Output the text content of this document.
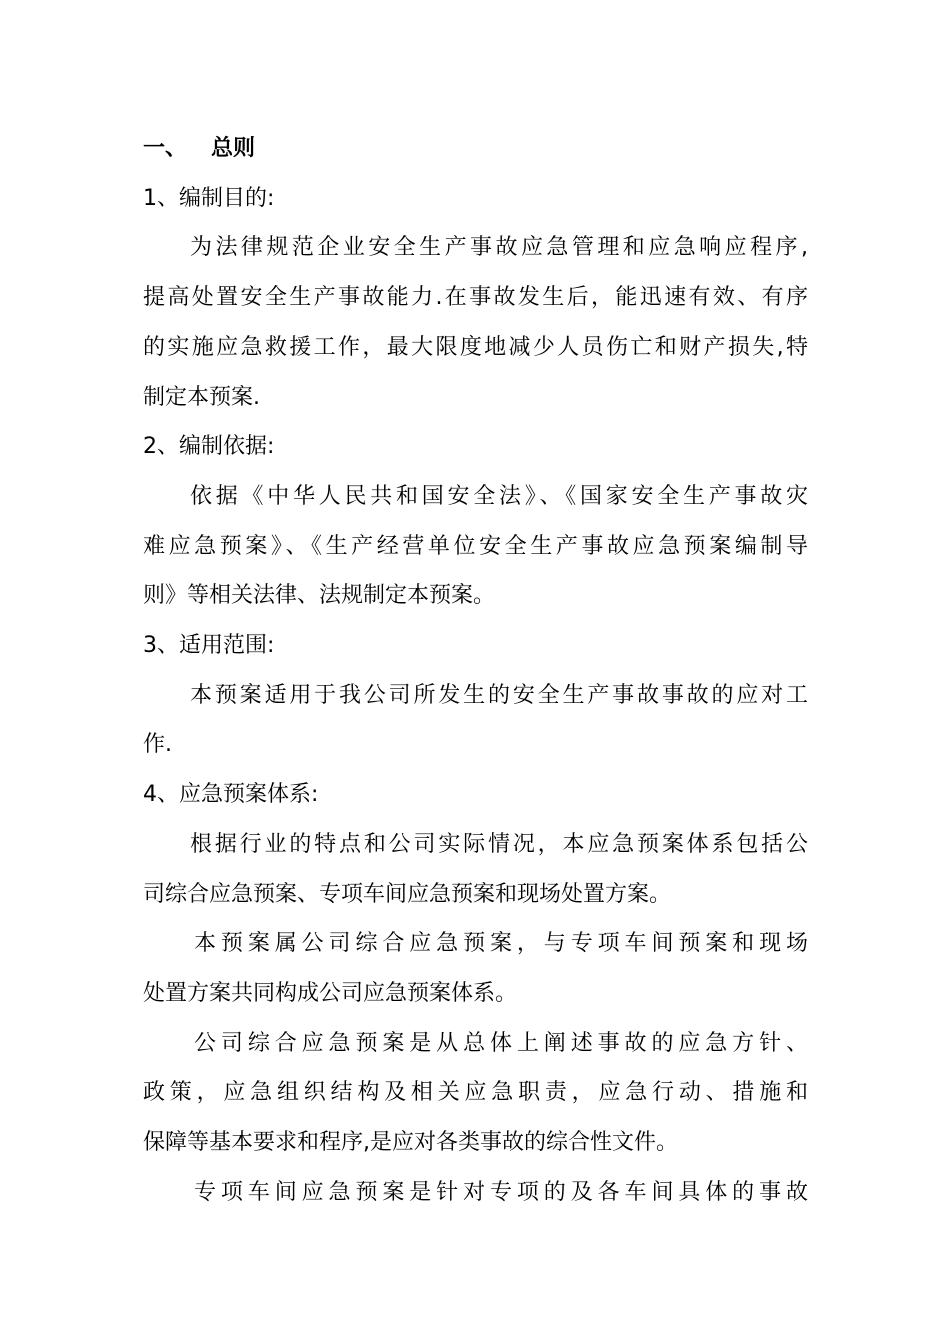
一、 总则
1、编制目的:
为法律规范企业安全生产事故应急管理和应急响应程序,
提高处置安全生产事故能力.在事故发生后，能迅速有效、有序
的实施应急救援工作，最大限度地减少人员伤亡和财产损失,特
制定本预案.
2、编制依据:
依据《中华人民共和国安全法》、《国家安全生产事故灾
难应急预案》、《生产经营单位安全生产事故应急预案编制导
则》等相关法律、法规制定本预案。
3、适用范围:
本预案适用于我公司所发生的安全生产事故事故的应对工
作.
4、应急预案体系:
根据行业的特点和公司实际情况，本应急预案体系包括公
司综合应急预案、专项车间应急预案和现场处置方案。
本预案属公司综合应急预案，与专项车间预案和现场
处置方案共同构成公司应急预案体系。
公司综合应急预案是从总体上阐述事故的应急方针、
政策，应急组织结构及相关应急职责，应急行动、措施和
保障等基本要求和程序,是应对各类事故的综合性文件。
专项车间应急预案是针对专项的及各车间具体的事故
